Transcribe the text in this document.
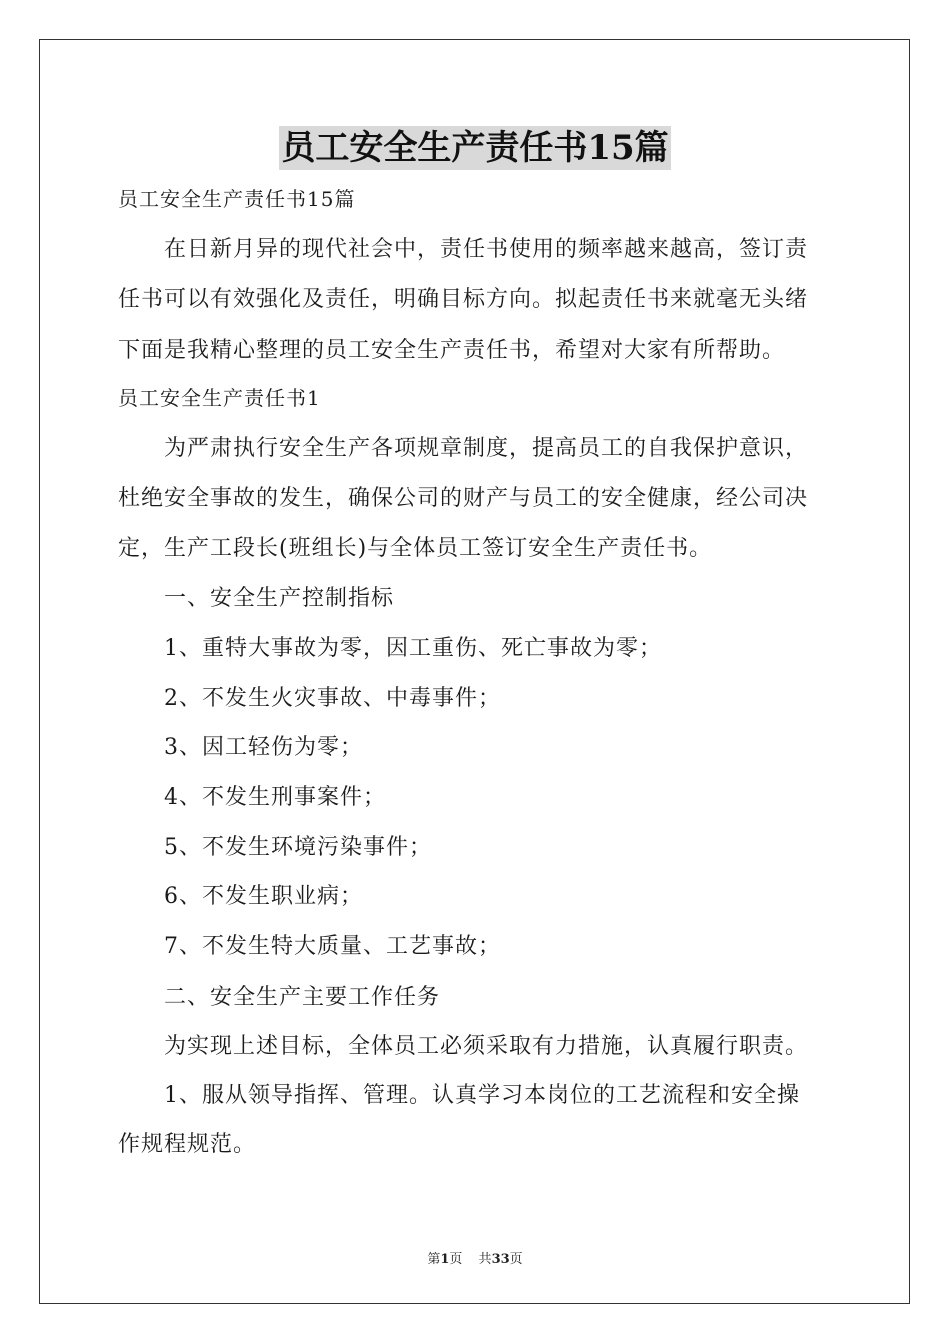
员工安全生产责任书15篇
员工安全生产责任书15篇
在日新月异的现代社会中，责任书使用的频率越来越高，签订责
任书可以有效强化及责任，明确目标方向。拟起责任书来就毫无头绪
下面是我精心整理的员工安全生产责任书，希望对大家有所帮助。
员工安全生产责任书1
为严肃执行安全生产各项规章制度，提高员工的自我保护意识，
杜绝安全事故的发生，确保公司的财产与员工的安全健康，经公司决
定，生产工段长(班组长)与全体员工签订安全生产责任书。
一、安全生产控制指标
1、重特大事故为零，因工重伤、死亡事故为零；
2、不发生火灾事故、中毒事件；
3、因工轻伤为零；
4、不发生刑事案件；
5、不发生环境污染事件；
6、不发生职业病；
7、不发生特大质量、工艺事故；
二、安全生产主要工作任务
为实现上述目标，全体员工必须采取有力措施，认真履行职责。
1、服从领导指挥、管理。认真学习本岗位的工艺流程和安全操
作规程规范。
第1页 共33页
